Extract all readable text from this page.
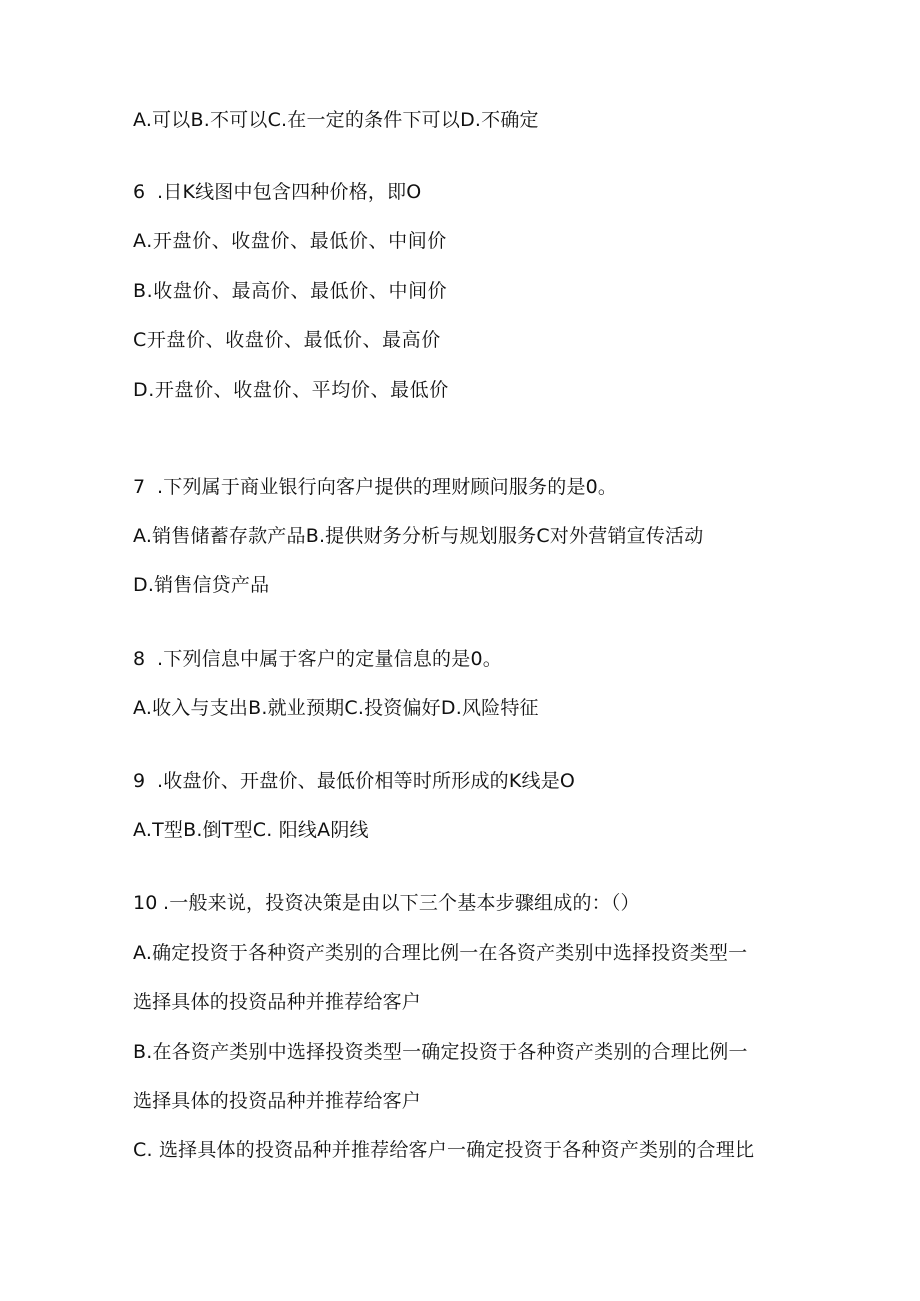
A.可以B.不可以C.在一定的条件下可以D.不确定
6 .日K线图中包含四种价格，即O
A.开盘价、收盘价、最低价、中间价
B.收盘价、最高价、最低价、中间价
C开盘价、收盘价、最低价、最高价
D.开盘价、收盘价、平均价、最低价
7 .下列属于商业银行向客户提供的理财顾问服务的是0。
A.销售储蓄存款产品B.提供财务分析与规划服务C对外营销宣传活动
D.销售信贷产品
8 .下列信息中属于客户的定量信息的是0。
A.收入与支出B.就业预期C.投资偏好D.风险特征
9 .收盘价、开盘价、最低价相等时所形成的K线是O
A.T型B.倒T型C. 阳线A阴线
10 .一般来说，投资决策是由以下三个基本步骤组成的：（）
A.确定投资于各种资产类别的合理比例一在各资产类别中选择投资类型一
选择具体的投资品种并推荐给客户
B.在各资产类别中选择投资类型一确定投资于各种资产类别的合理比例一
选择具体的投资品种并推荐给客户
C. 选择具体的投资品种并推荐给客户一确定投资于各种资产类别的合理比
